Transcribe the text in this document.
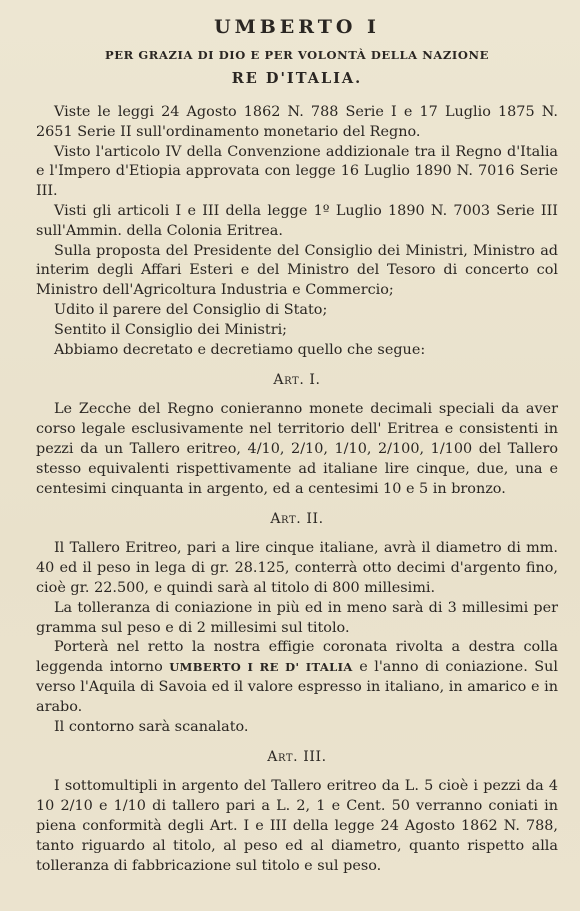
UMBERTO I
PER GRAZIA DI DIO E PER VOLONTÀ DELLA NAZIONE
RE D'ITALIA.

Viste le leggi 24 Agosto 1862 N. 788 Serie I e 17 Luglio 1875 N. 2651 Serie II sull'ordinamento monetario del Regno.

Visto l'articolo IV della Convenzione addizionale tra il Regno d'Italia e l'Impero d'Etiopia approvata con legge 16 Luglio 1890 N. 7016 Serie III.

Visti gli articoli I e III della legge 1º Luglio 1890 N. 7003 Serie III sull'Ammin. della Colonia Eritrea.

Sulla proposta del Presidente del Consiglio dei Ministri, Ministro ad interim degli Affari Esteri e del Ministro del Tesoro di concerto col Ministro dell'Agricoltura Industria e Commercio;

Udito il parere del Consiglio di Stato;

Sentito il Consiglio dei Ministri;

Abbiamo decretato e decretiamo quello che segue:

Art. I.

Le Zecche del Regno conieranno monete decimali speciali da aver corso legale esclusivamente nel territorio dell' Eritrea e consistenti in pezzi da un Tallero eritreo, 4/10, 2/10, 1/10, 2/100, 1/100 del Tallero stesso equivalenti rispettivamente ad italiane lire cinque, due, una e centesimi cinquanta in argento, ed a centesimi 10 e 5 in bronzo.

Art. II.

Il Tallero Eritreo, pari a lire cinque italiane, avrà il diametro di mm. 40 ed il peso in lega di gr. 28.125, conterrà otto decimi d'argento fino, cioè gr. 22.500, e quindi sarà al titolo di 800 millesimi.

La tolleranza di coniazione in più ed in meno sarà di 3 millesimi per gramma sul peso e di 2 millesimi sul titolo.

Porterà nel retto la nostra effigie coronata rivolta a destra colla leggenda intorno UMBERTO I RE D' ITALIA e l'anno di coniazione. Sul verso l'Aquila di Savoia ed il valore espresso in italiano, in amarico e in arabo.

Il contorno sarà scanalato.

Art. III.

I sottomultipli in argento del Tallero eritreo da L. 5 cioè i pezzi da 4 10 2/10 e 1/10 di tallero pari a L. 2, 1 e Cent. 50 verranno coniati in piena conformità degli Art. I e III della legge 24 Agosto 1862 N. 788, tanto riguardo al titolo, al peso ed al diametro, quanto rispetto alla tolleranza di fabbricazione sul titolo e sul peso.
